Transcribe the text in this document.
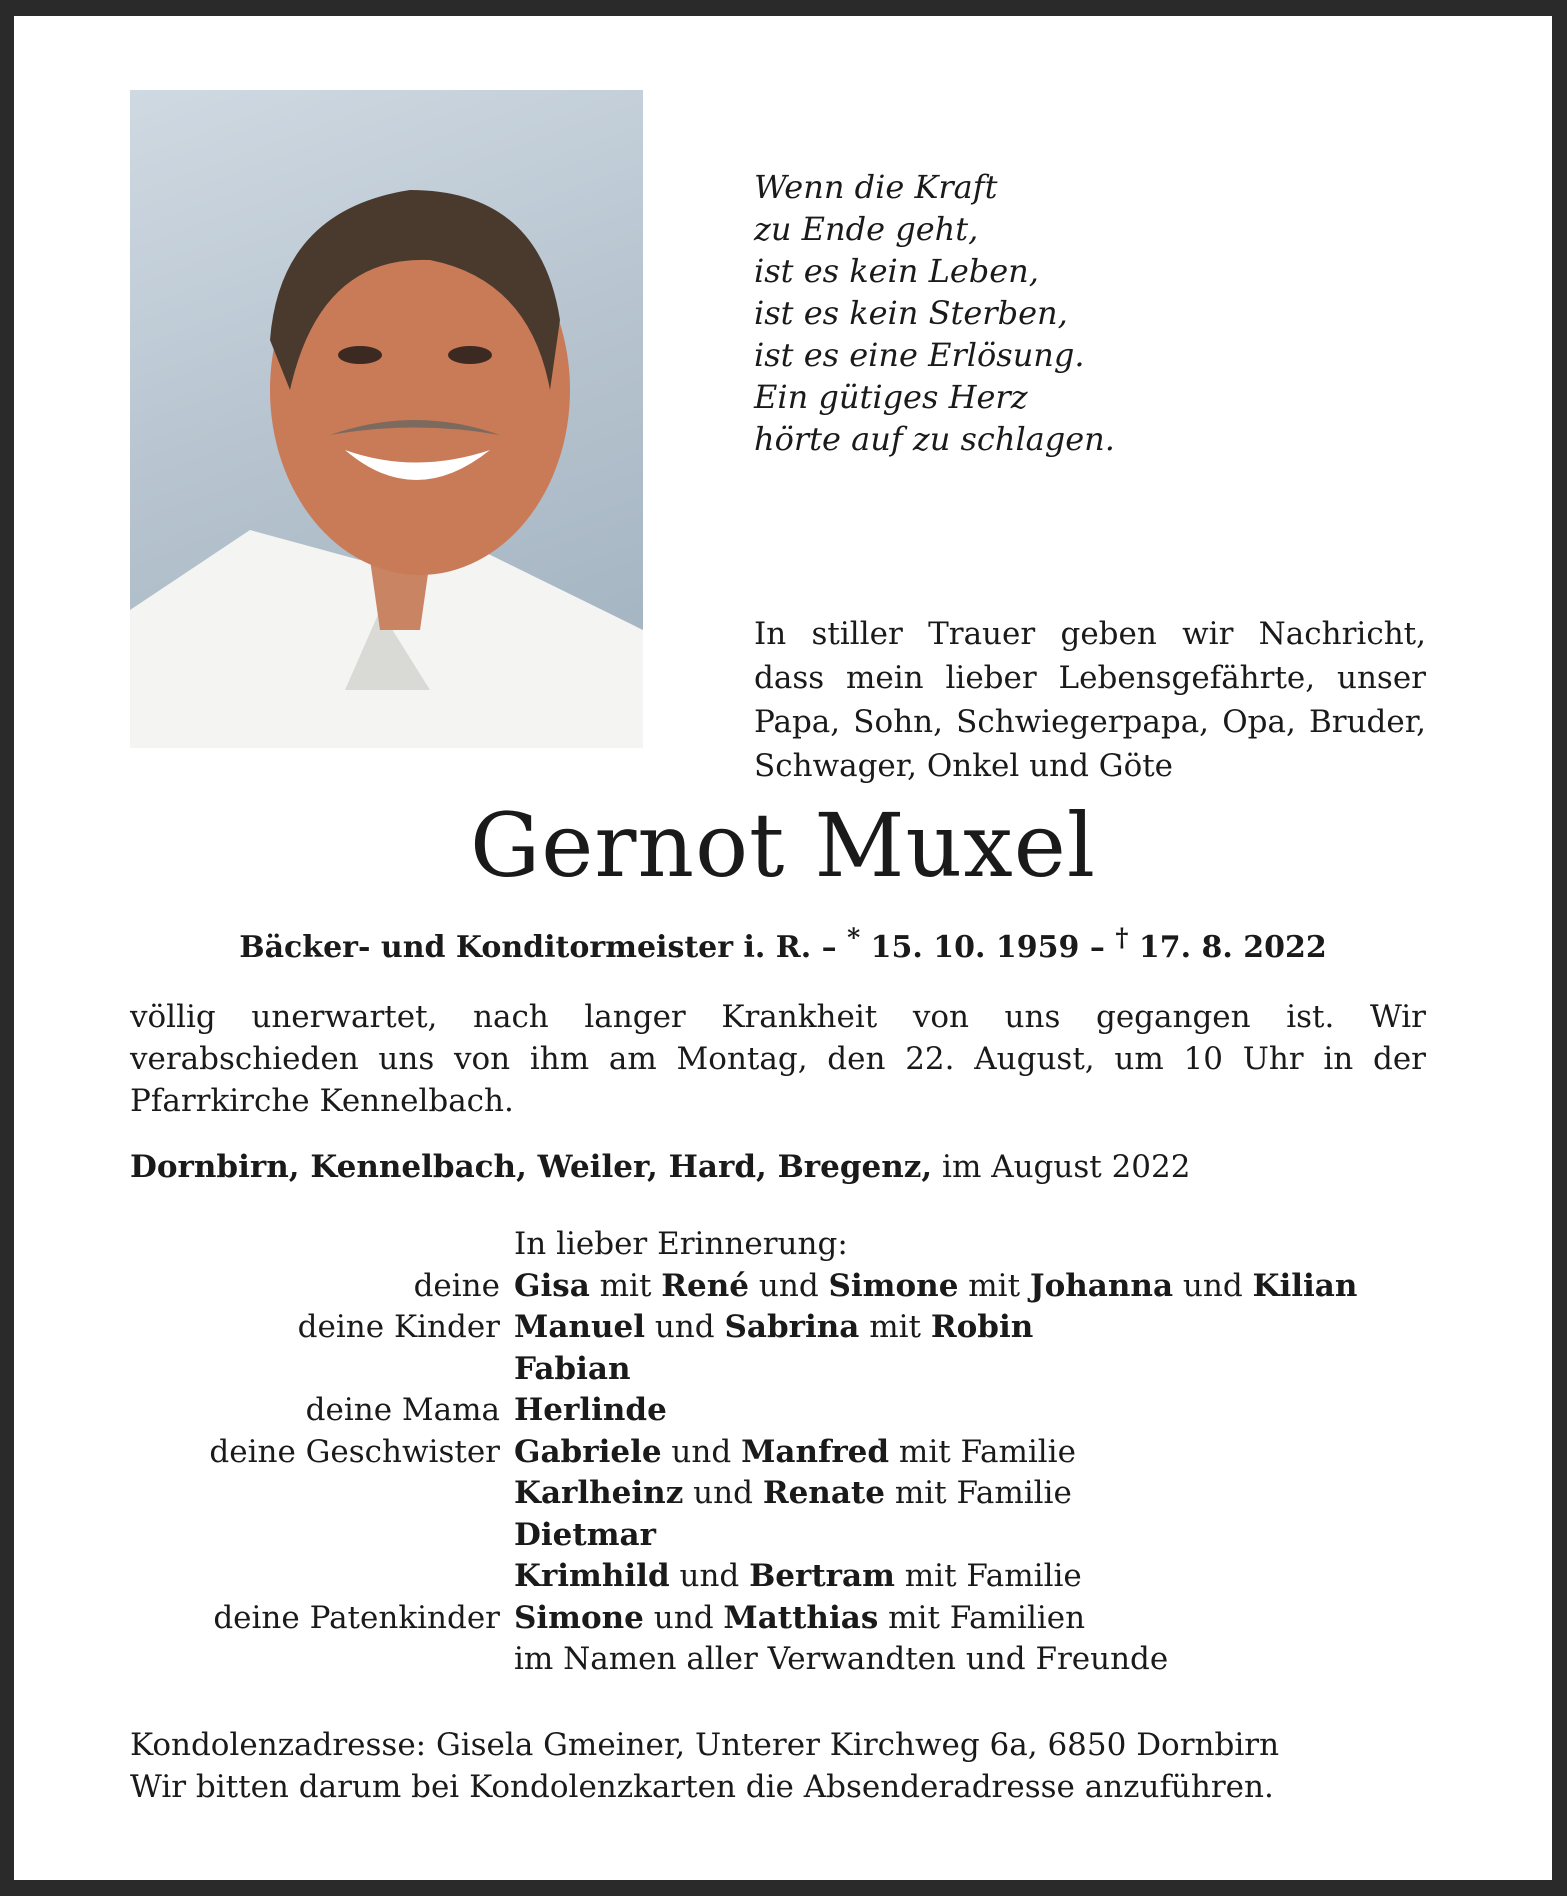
Wenn die Kraft
zu Ende geht,
ist es kein Leben,
ist es kein Sterben,
ist es eine Erlösung.
Ein gütiges Herz
hörte auf zu schlagen.
In stiller Trauer geben wir Nachricht, dass mein lieber Lebensgefährte, unser Papa, Sohn, Schwiegerpapa, Opa, Bruder, Schwager, Onkel und Göte
Gernot Muxel
Bäcker- und Konditormeister i. R. – * 15. 10. 1959 – † 17. 8. 2022
völlig unerwartet, nach langer Krankheit von uns gegangen ist. Wir verabschieden uns von ihm am Montag, den 22. August, um 10 Uhr in der Pfarrkirche Kennelbach.
Dornbirn, Kennelbach, Weiler, Hard, Bregenz, im August 2022
In lieber Erinnerung:
deine Gisa mit René und Simone mit Johanna und Kilian
deine Kinder Manuel und Sabrina mit Robin
Fabian
deine Mama Herlinde
deine Geschwister Gabriele und Manfred mit Familie
Karlheinz und Renate mit Familie
Dietmar
Krimhild und Bertram mit Familie
deine Patenkinder Simone und Matthias mit Familien
im Namen aller Verwandten und Freunde
Kondolenzadresse: Gisela Gmeiner, Unterer Kirchweg 6a, 6850 Dornbirn
Wir bitten darum bei Kondolenzkarten die Absenderadresse anzuführen.
